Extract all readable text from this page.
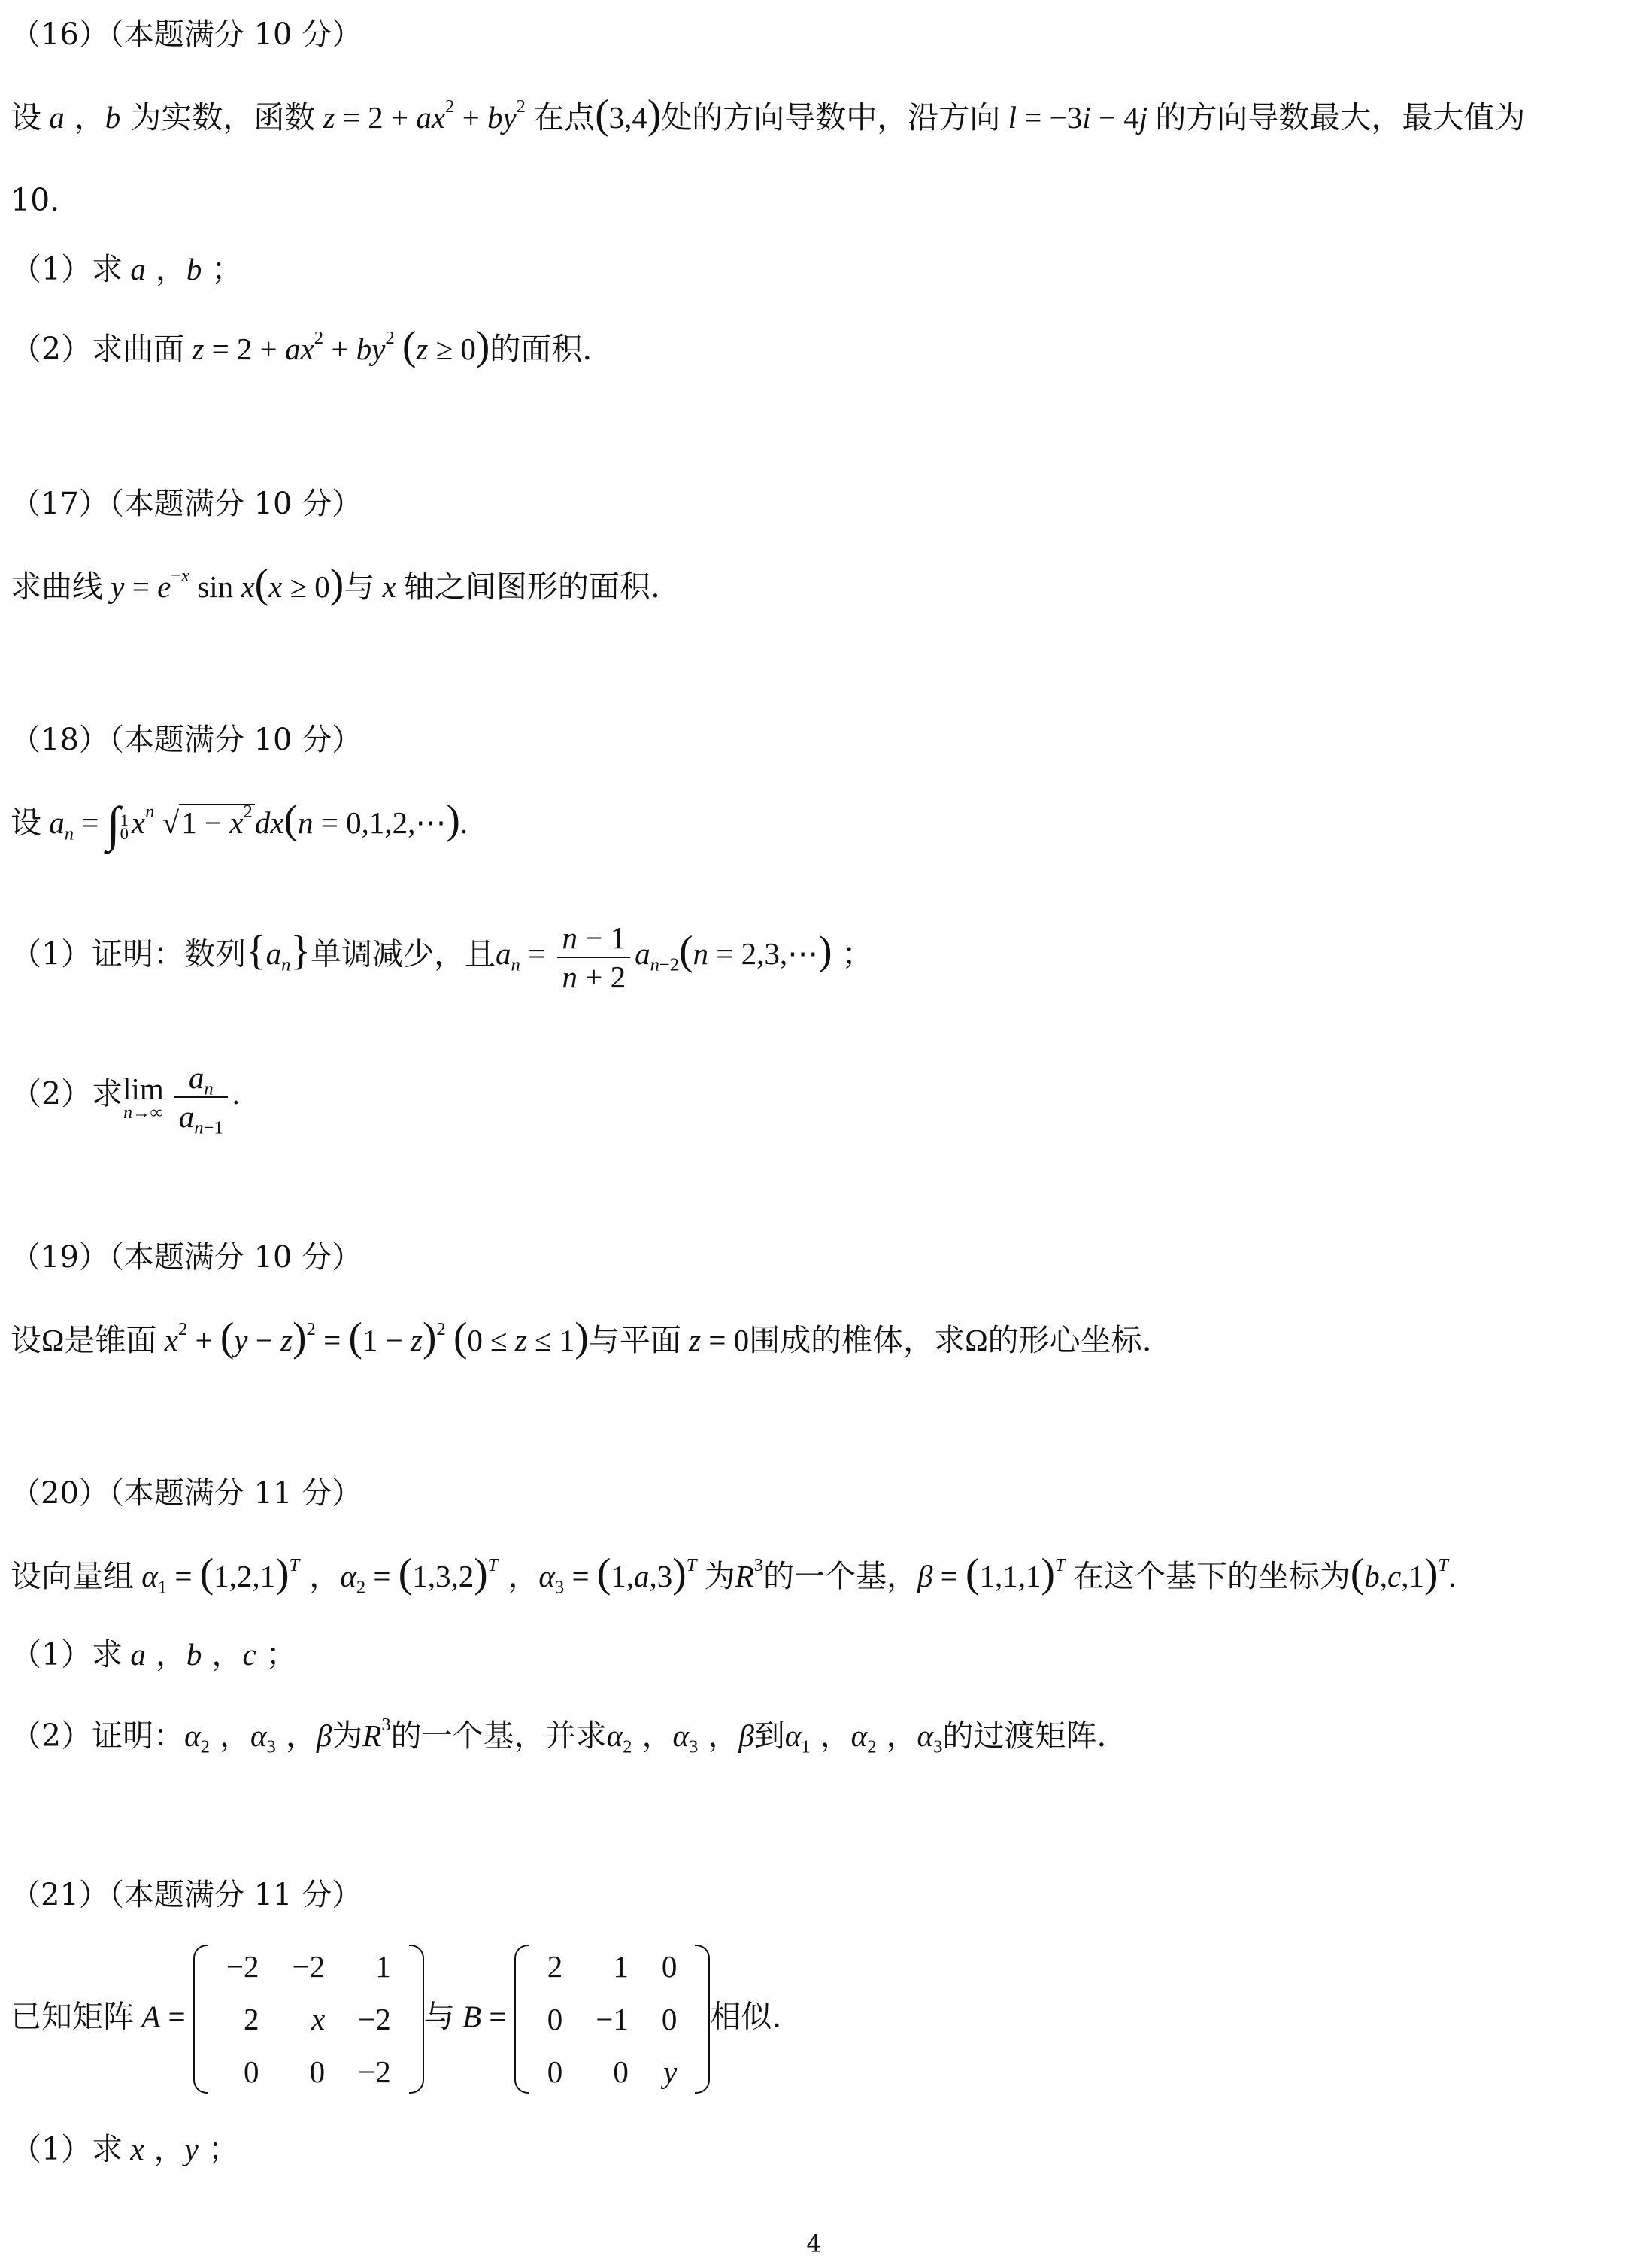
（16）（本题满分 10 分）
设 a ，b 为实数，函数 $z = 2 + ax^2 + by^2$ 在点(3,4)处的方向导数中，沿方向 l = −3i − 4j 的方向导数最大，最大值为
10.
（1）求 a ，b ；
（2）求曲面 $z = 2 + ax^2 + by^2$ (z ≥ 0)的面积.
（17）（本题满分 10 分）
求曲线 $y = e^{-x}$ sin x(x ≥ 0)与 x 轴之间图形的面积.
（18）（本题满分 10 分）
设 $a_n = \int 1$
$0x^n$ $√1 - x^2dx(n$ = 0,1,2,⋯).
（1）证明：数列$\{a_n\}$单调减少，且$a_n = \frac{n - 1}{n + 2} a_{n-2}(n$ = 2,3,⋯) ；
（2）求 lim
$n\to\infty \frac{a_n}{a_{n-1}}$ .
（19）（本题满分 10 分）
设Ω是锥面 $x^2 + (y - z)^2 = (1 - z)^2$ (0 ≤ z ≤ 1)与平面 z = 0围成的椎体，求Ω的形心坐标.
（20）（本题满分 11 分）
设向量组 $\alpha_1 = (1,2,1)^T$ ，$\alpha_2 = (1,3,2)^T$ ，$\alpha_3 = (1,a,3)^T$ 为$R^3$的一个基，$\beta = (1,1,1)^T$ 在这个基下的坐标为$(b,c,1)^T$.
（1）求 a ，b ，c ；
（2）证明：$\alpha_2$ ，$\alpha_3$ ，β为$R^3$的一个基，并求$\alpha_2$ ，$\alpha_3$ ，β到$\alpha_1$ ，$\alpha_2$ ，$\alpha_3$的过渡矩阵.
（21）（本题满分 11 分）
已知矩阵 A =
−2	−2	1
2	x	−2
0	0	−2
与 B =
2	1	0
0	−1	0
0	0	y
相似.
（1）求 x ，y ；
4
